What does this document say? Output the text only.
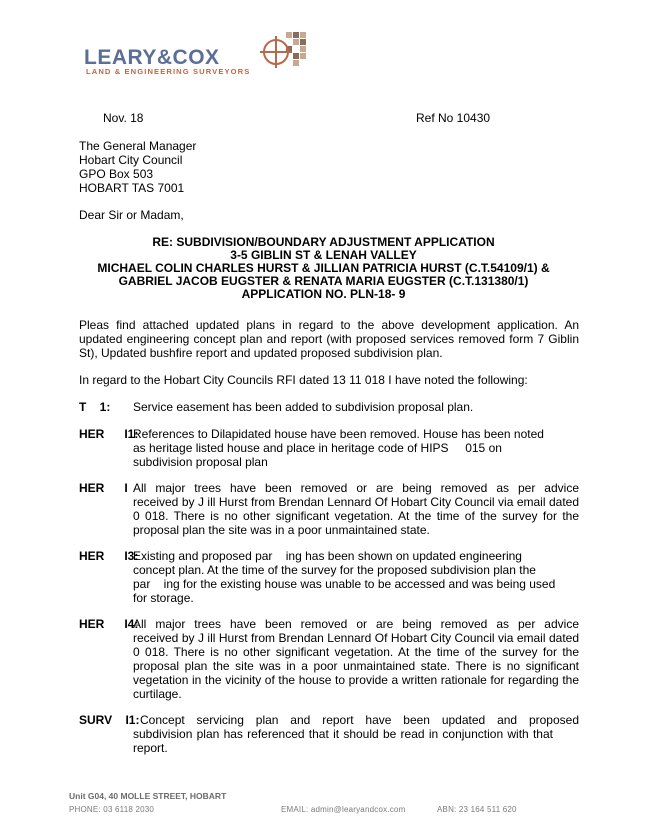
LEARY&COX
LAND & ENGINEERING SURVEYORS
Nov. 18	Ref No 10430
The General Manager
Hobart City Council
GPO Box 503
HOBART TAS 7001
Dear Sir or Madam,
RE: SUBDIVISION/BOUNDARY ADJUSTMENT APPLICATION
3-5 GIBLIN ST & LENAH VALLEY
MICHAEL COLIN CHARLES HURST & JILLIAN PATRICIA HURST (C.T.54109/1) &
GABRIEL JACOB EUGSTER & RENATA MARIA EUGSTER (C.T.131380/1)
APPLICATION NO. PLN-18- 9
Pleas find attached updated plans in regard to the above development application. An updated engineering concept plan and report (with proposed services removed form 7 Giblin St), Updated bushfire report and updated proposed subdivision plan.
In regard to the Hobart City Councils RFI dated 13 11 018 I have noted the following:
T    1: Service easement has been added to subdivision proposal plan.
HER      I1:
References to Dilapidated house have been removed. House has been noted
as heritage listed house and place in heritage code of HIPS     015 on
subdivision proposal plan
HER      I All major trees have been removed or are being removed as per advice
received by J ill Hurst from Brendan Lennard Of Hobart City Council via email dated 0 018. There is no other significant vegetation. At the time of the survey for the proposal plan the site was in a poor unmaintained state.
HER      I3:
Existing and proposed par    ing has been shown on updated engineering
concept plan. At the time of the survey for the proposed subdivision plan the
par    ing for the existing house was unable to be accessed and was being used
for storage.
HER      I4:
All major trees have been removed or are being removed as per advice
received by J ill Hurst from Brendan Lennard Of Hobart City Council via email dated 0 018. There is no other significant vegetation. At the time of the survey for the proposal plan the site was in a poor unmaintained state. There is no significant vegetation in the vicinity of the house to provide a written rationale for regarding the curtilage.
SURV    I1: Concept servicing plan and report have been updated and proposed
subdivision plan has referenced that it should be read in conjunction with that report.
Unit G04, 40 MOLLE STREET, HOBART
PHONE: 03 6118 2030	EMAIL: admin@learyandcox.com	ABN: 23 164 511 620
